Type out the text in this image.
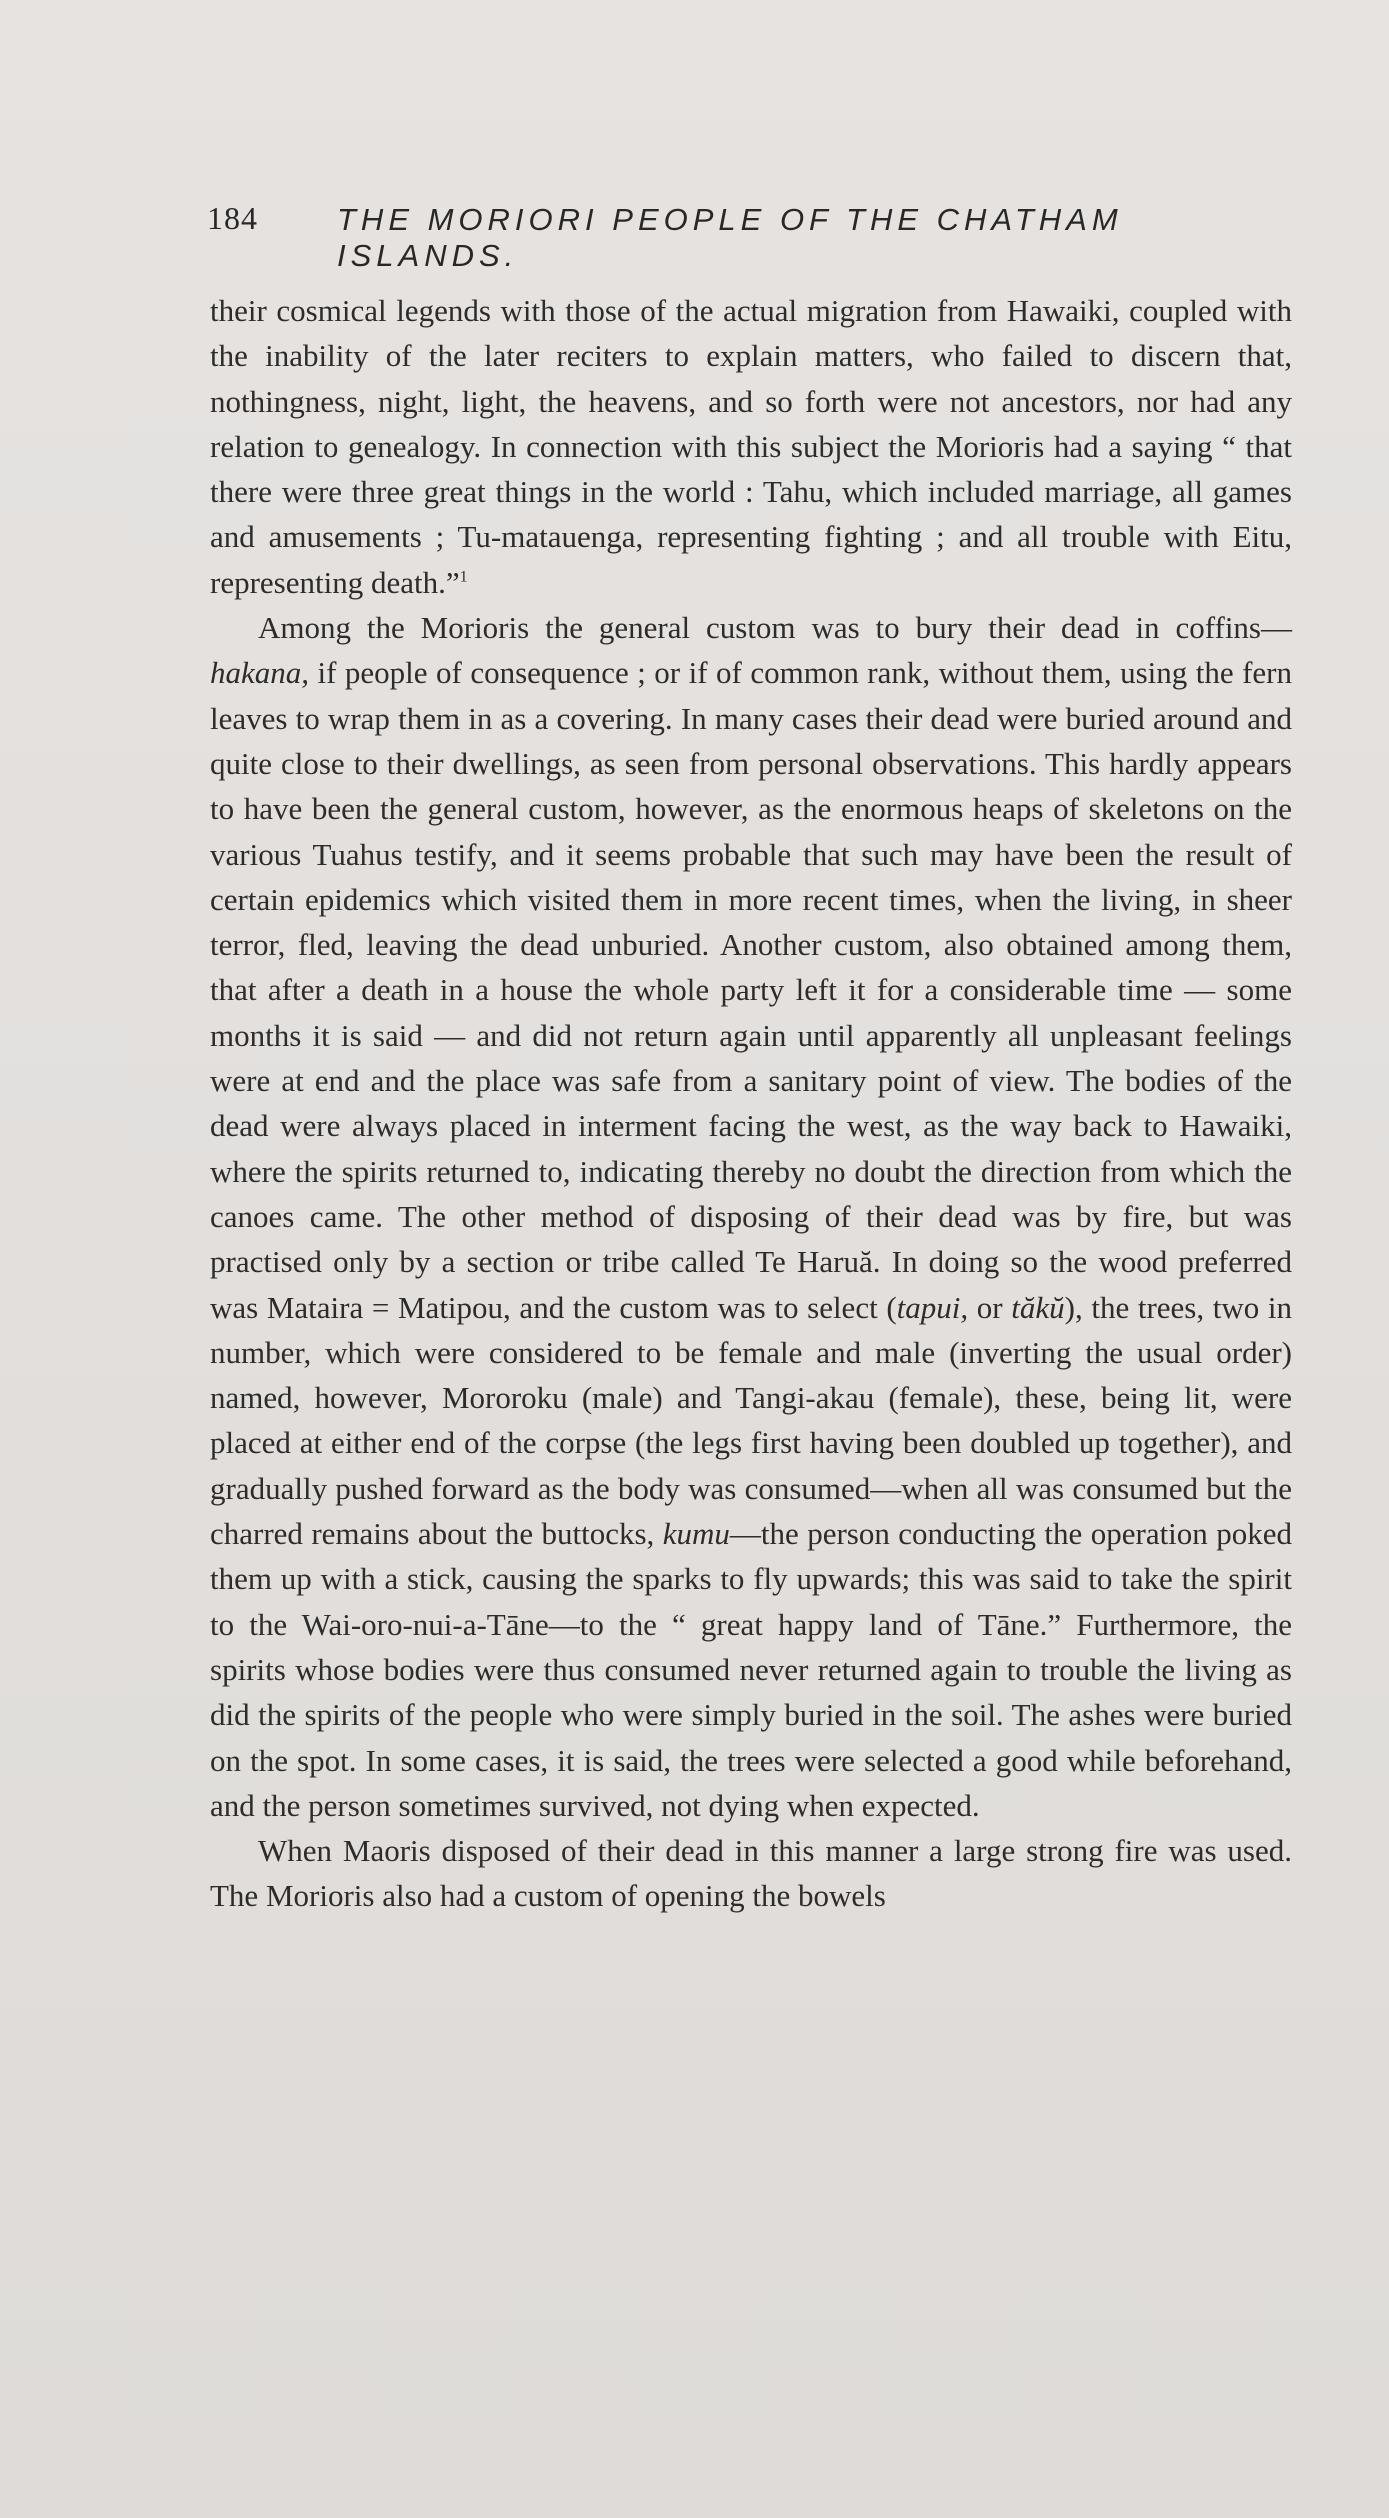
184	THE MORIORI PEOPLE OF THE CHATHAM ISLANDS.

their cosmical legends with those of the actual migration from Hawaiki, coupled with the inability of the later reciters to explain matters, who failed to discern that, nothingness, night, light, the heavens, and so forth were not ancestors, nor had any relation to genealogy. In connection with this subject the Morioris had a saying “ that there were three great things in the world : Tahu, which included marriage, all games and amusements ; Tu-matauenga, representing fighting ; and all trouble with Eitu, representing death.”$^1$

Among the Morioris the general custom was to bury their dead in coffins—hakana, if people of consequence ; or if of common rank, without them, using the fern leaves to wrap them in as a covering. In many cases their dead were buried around and quite close to their dwellings, as seen from personal observations. This hardly appears to have been the general custom, however, as the enormous heaps of skeletons on the various Tuahus testify, and it seems probable that such may have been the result of certain epidemics which visited them in more recent times, when the living, in sheer terror, fled, leaving the dead unburied. Another custom, also obtained among them, that after a death in a house the whole party left it for a considerable time — some months it is said — and did not return again until apparently all unpleasant feelings were at end and the place was safe from a sanitary point of view. The bodies of the dead were always placed in interment facing the west, as the way back to Hawaiki, where the spirits returned to, indicating thereby no doubt the direction from which the canoes came. The other method of disposing of their dead was by fire, but was practised only by a section or tribe called Te Haruă. In doing so the wood preferred was Mataira = Matipou, and the custom was to select (tapui, or tăkŭ), the trees, two in number, which were considered to be female and male (inverting the usual order) named, however, Mororoku (male) and Tangi-akau (female), these, being lit, were placed at either end of the corpse (the legs first having been doubled up together), and gradually pushed forward as the body was consumed—when all was consumed but the charred remains about the buttocks, kumu—the person conducting the operation poked them up with a stick, causing the sparks to fly upwards; this was said to take the spirit to the Wai-oro-nui-a-Tāne—to the “ great happy land of Tāne.” Furthermore, the spirits whose bodies were thus consumed never returned again to trouble the living as did the spirits of the people who were simply buried in the soil. The ashes were buried on the spot. In some cases, it is said, the trees were selected a good while beforehand, and the person sometimes survived, not dying when expected.

When Maoris disposed of their dead in this manner a large strong fire was used. The Morioris also had a custom of opening the bowels
